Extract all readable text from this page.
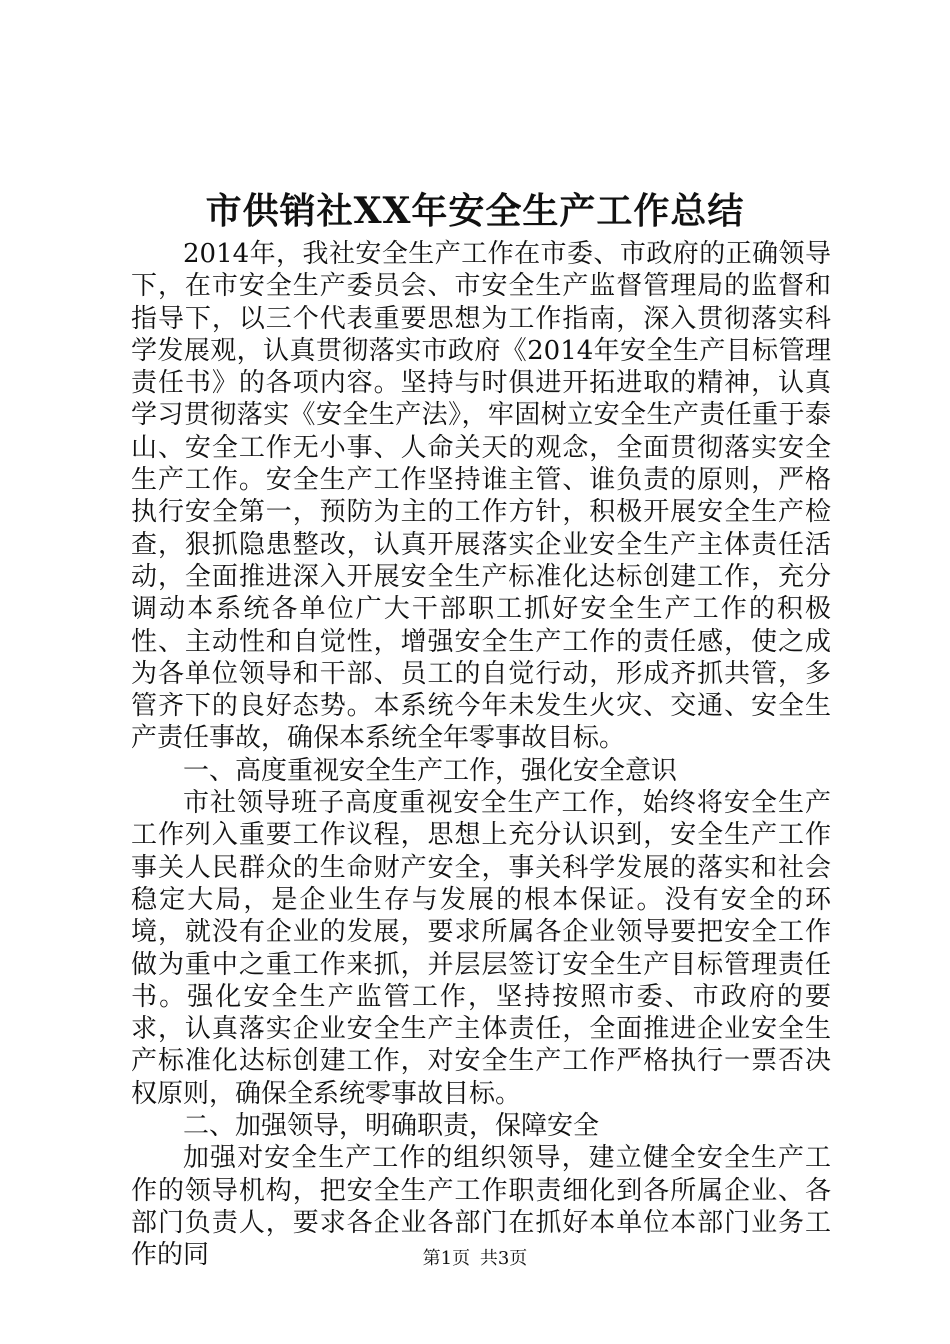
市供销社XX年安全生产工作总结

2014年，我社安全生产工作在市委、市政府的正确领导下，在市安全生产委员会、市安全生产监督管理局的监督和指导下，以三个代表重要思想为工作指南，深入贯彻落实科学发展观，认真贯彻落实市政府《2014年安全生产目标管理责任书》的各项内容。坚持与时俱进开拓进取的精神，认真学习贯彻落实《安全生产法》，牢固树立安全生产责任重于泰山、安全工作无小事、人命关天的观念，全面贯彻落实安全生产工作。安全生产工作坚持谁主管、谁负责的原则，严格执行安全第一，预防为主的工作方针，积极开展安全生产检查，狠抓隐患整改，认真开展落实企业安全生产主体责任活动，全面推进深入开展安全生产标准化达标创建工作，充分调动本系统各单位广大干部职工抓好安全生产工作的积极性、主动性和自觉性，增强安全生产工作的责任感，使之成为各单位领导和干部、员工的自觉行动，形成齐抓共管，多管齐下的良好态势。本系统今年未发生火灾、交通、安全生产责任事故，确保本系统全年零事故目标。

一、高度重视安全生产工作，强化安全意识

市社领导班子高度重视安全生产工作，始终将安全生产工作列入重要工作议程，思想上充分认识到，安全生产工作事关人民群众的生命财产安全，事关科学发展的落实和社会稳定大局，是企业生存与发展的根本保证。没有安全的环境，就没有企业的发展，要求所属各企业领导要把安全工作做为重中之重工作来抓，并层层签订安全生产目标管理责任书。强化安全生产监管工作，坚持按照市委、市政府的要求，认真落实企业安全生产主体责任，全面推进企业安全生产标准化达标创建工作，对安全生产工作严格执行一票否决权原则，确保全系统零事故目标。

二、加强领导，明确职责，保障安全

加强对安全生产工作的组织领导，建立健全安全生产工作的领导机构，把安全生产工作职责细化到各所属企业、各部门负责人，要求各企业各部门在抓好本单位本部门业务工作的同	第1页 共3页
